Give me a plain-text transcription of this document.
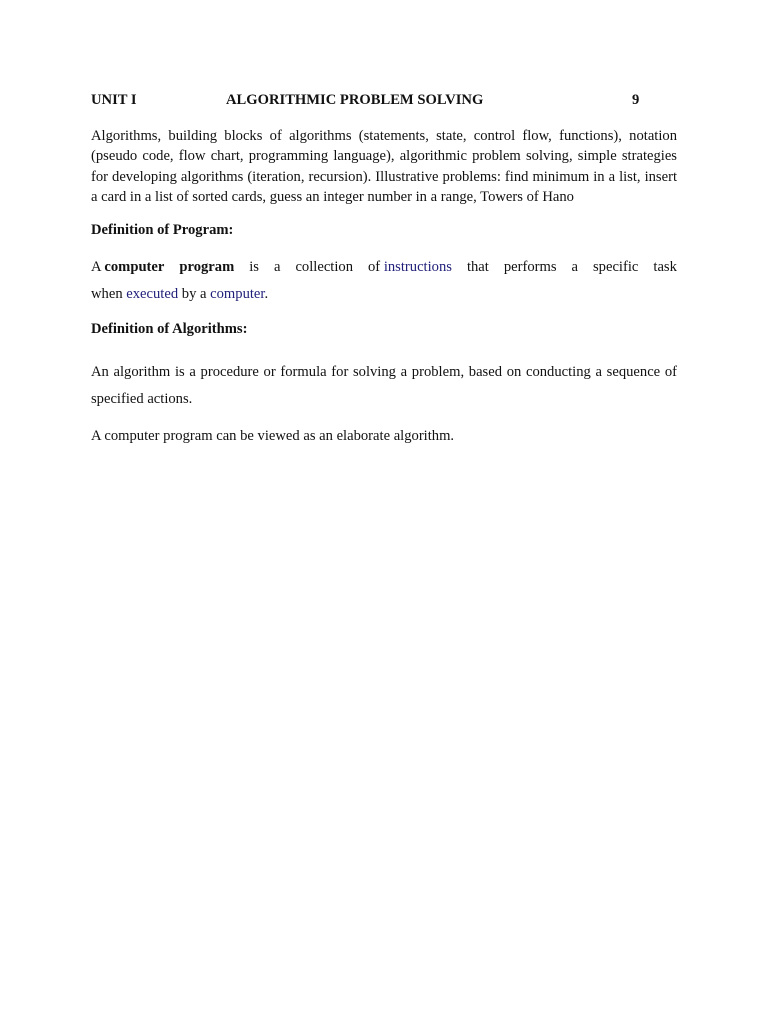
UNIT I	ALGORITHMIC PROBLEM SOLVING	9
Algorithms, building blocks of algorithms (statements, state, control flow, functions), notation (pseudo code, flow chart, programming language), algorithmic problem solving, simple strategies for developing algorithms (iteration, recursion). Illustrative problems: find minimum in a list, insert a card in a list of sorted cards, guess an integer number in a range, Towers of Hano
Definition of Program:
A computer program is a collection of instructions that performs a specific task
when executed by a computer.
Definition of Algorithms:
An algorithm is a procedure or formula for solving a problem, based on conducting a sequence of specified actions.
A computer program can be viewed as an elaborate algorithm.
